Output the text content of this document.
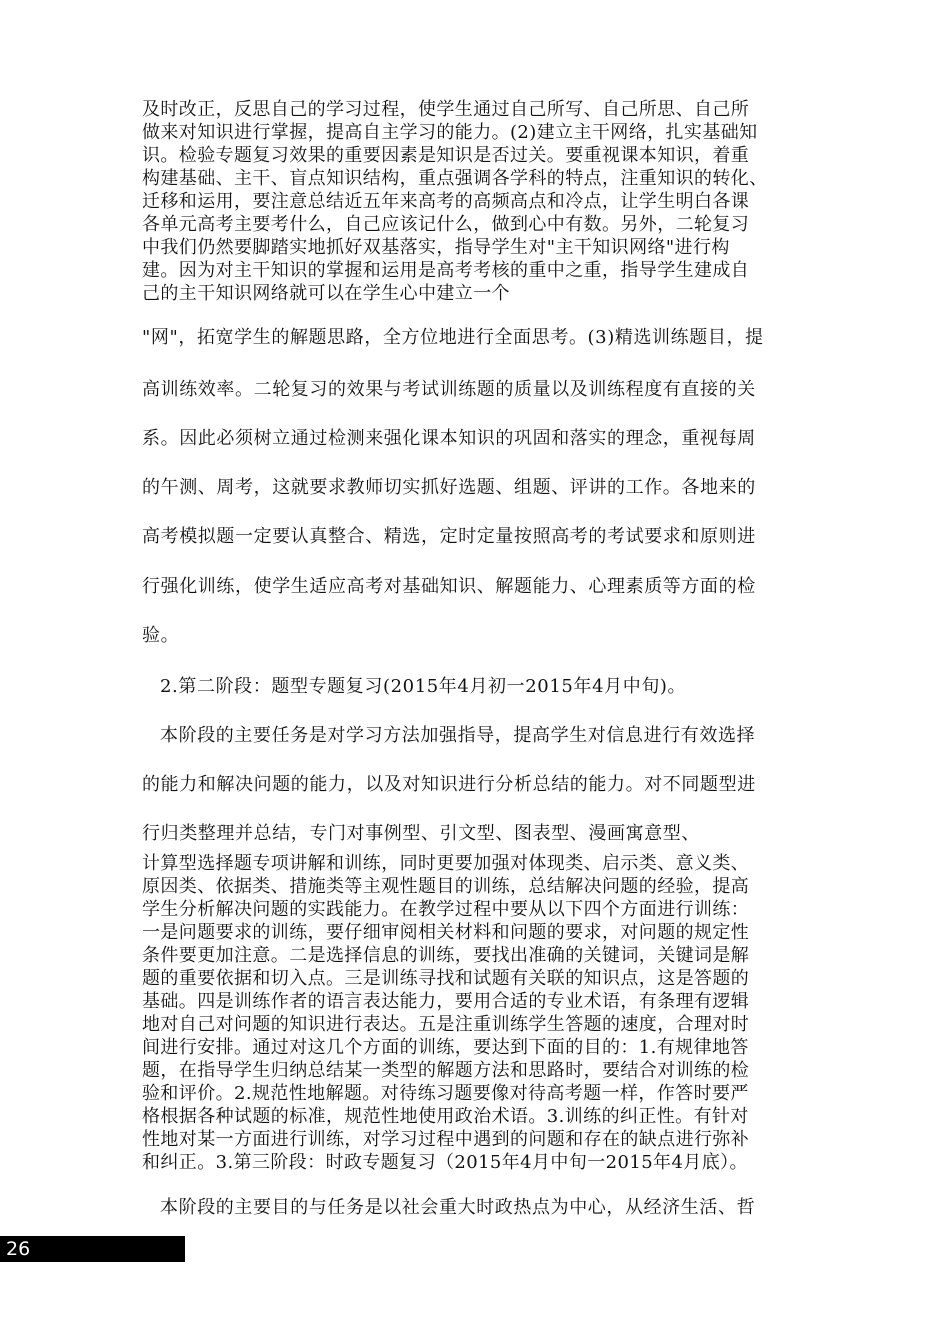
及时改正，反思自己的学习过程，使学生通过自己所写、自己所思、自己所
做来对知识进行掌握，提高自主学习的能力。(2)建立主干网络，扎实基础知
识。检验专题复习效果的重要因素是知识是否过关。要重视课本知识，着重
构建基础、主干、盲点知识结构，重点强调各学科的特点，注重知识的转化、
迁移和运用，要注意总结近五年来高考的高频高点和冷点，让学生明白各课
各单元高考主要考什么，自己应该记什么，做到心中有数。另外，二轮复习
中我们仍然要脚踏实地抓好双基落实，指导学生对"主干知识网络"进行构
建。因为对主干知识的掌握和运用是高考考核的重中之重，指导学生建成自
己的主干知识网络就可以在学生心中建立一个
"网"，拓宽学生的解题思路，全方位地进行全面思考。(3)精选训练题目，提
高训练效率。二轮复习的效果与考试训练题的质量以及训练程度有直接的关
系。因此必须树立通过检测来强化课本知识的巩固和落实的理念，重视每周
的午测、周考，这就要求教师切实抓好选题、组题、评讲的工作。各地来的
高考模拟题一定要认真整合、精选，定时定量按照高考的考试要求和原则进
行强化训练，使学生适应高考对基础知识、解题能力、心理素质等方面的检
验。
2.第二阶段：题型专题复习(2015年4月初一2015年4月中旬)。
本阶段的主要任务是对学习方法加强指导，提高学生对信息进行有效选择
的能力和解决问题的能力，以及对知识进行分析总结的能力。对不同题型进
行归类整理并总结，专门对事例型、引文型、图表型、漫画寓意型、
计算型选择题专项讲解和训练，同时更要加强对体现类、启示类、意义类、
原因类、依据类、措施类等主观性题目的训练，总结解决问题的经验，提高
学生分析解决问题的实践能力。在教学过程中要从以下四个方面进行训练：
一是问题要求的训练，要仔细审阅相关材料和问题的要求，对问题的规定性
条件要更加注意。二是选择信息的训练，要找出准确的关键词，关键词是解
题的重要依据和切入点。三是训练寻找和试题有关联的知识点，这是答题的
基础。四是训练作者的语言表达能力，要用合适的专业术语，有条理有逻辑
地对自己对问题的知识进行表达。五是注重训练学生答题的速度，合理对时
间进行安排。通过对这几个方面的训练，要达到下面的目的：1.有规律地答
题，在指导学生归纳总结某一类型的解题方法和思路时，要结合对训练的检
验和评价。2.规范性地解题。对待练习题要像对待高考题一样，作答时要严
格根据各种试题的标准，规范性地使用政治术语。3.训练的纠正性。有针对
性地对某一方面进行训练，对学习过程中遇到的问题和存在的缺点进行弥补
和纠正。3.第三阶段：时政专题复习（2015年4月中旬一2015年4月底）。
本阶段的主要目的与任务是以社会重大时政热点为中心，从经济生活、哲
26
